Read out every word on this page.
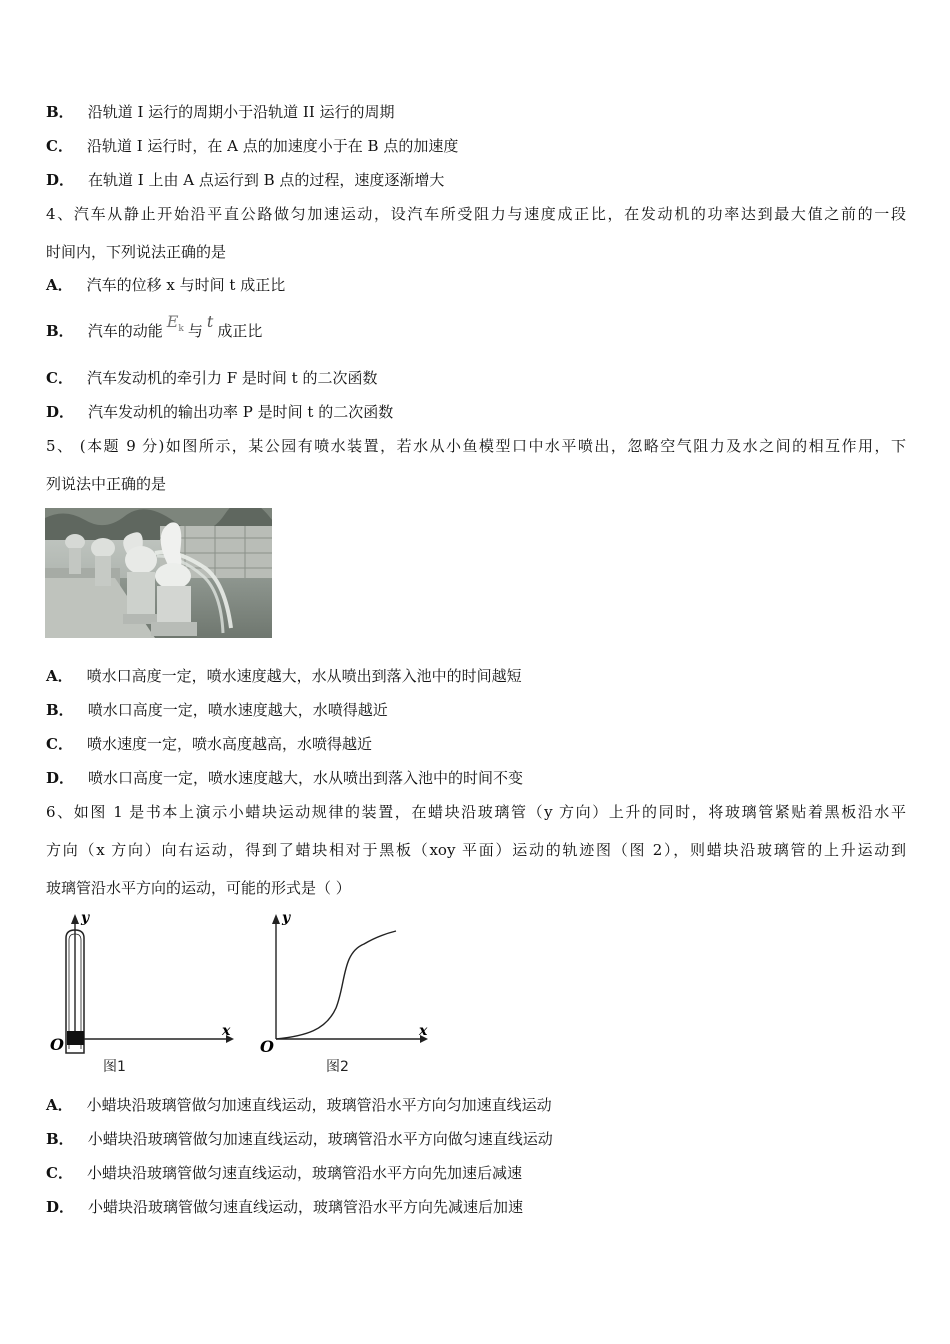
B． 沿轨道 I 运行的周期小于沿轨道 II 运行的周期
C． 沿轨道 I 运行时，在 A 点的加速度小于在 B 点的加速度
D． 在轨道 I 上由 A 点运行到 B 点的过程，速度逐渐增大
4、汽车从静止开始沿平直公路做匀加速运动，设汽车所受阻力与速度成正比，在发动机的功率达到最大值之前的一段
时间内，下列说法正确的是
A． 汽车的位移 x 与时间 t 成正比
B． 汽车的动能 $E_k$ 与 t 成正比
C． 汽车发动机的牵引力 F 是时间 t 的二次函数
D． 汽车发动机的输出功率 P 是时间 t 的二次函数
5、 (本题 9 分)如图所示，某公园有喷水装置，若水从小鱼模型口中水平喷出，忽略空气阻力及水之间的相互作用，下
列说法中正确的是
A． 喷水口高度一定，喷水速度越大，水从喷出到落入池中的时间越短
B． 喷水口高度一定，喷水速度越大，水喷得越近
C． 喷水速度一定，喷水高度越高，水喷得越近
D． 喷水口高度一定，喷水速度越大，水从喷出到落入池中的时间不变
6、如图 1 是书本上演示小蜡块运动规律的装置，在蜡块沿玻璃管（y 方向）上升的同时，将玻璃管紧贴着黑板沿水平
方向（x 方向）向右运动，得到了蜡块相对于黑板（xoy 平面）运动的轨迹图（图 2），则蜡块沿玻璃管的上升运动到
玻璃管沿水平方向的运动，可能的形式是（ ）
O
x
y
图1
O
x
y
图2
A． 小蜡块沿玻璃管做匀加速直线运动，玻璃管沿水平方向匀加速直线运动
B． 小蜡块沿玻璃管做匀加速直线运动，玻璃管沿水平方向做匀速直线运动
C． 小蜡块沿玻璃管做匀速直线运动，玻璃管沿水平方向先加速后减速
D． 小蜡块沿玻璃管做匀速直线运动，玻璃管沿水平方向先减速后加速
